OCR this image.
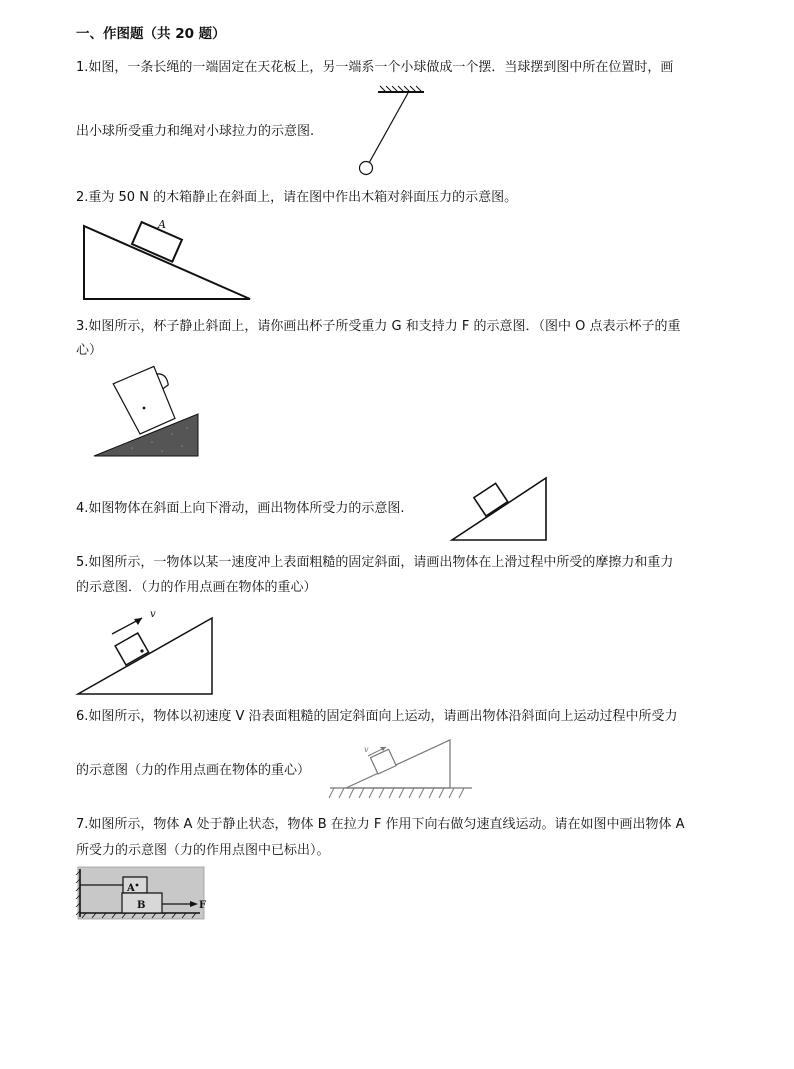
一、作图题（共 20 题）
1.如图，一条长绳的一端固定在天花板上，另一端系一个小球做成一个摆．当球摆到图中所在位置时，画
出小球所受重力和绳对小球拉力的示意图.
2.重为 50 N 的木箱静止在斜面上，请在图中作出木箱对斜面压力的示意图。
A
3.如图所示，杯子静止斜面上，请你画出杯子所受重力 G 和支持力 F 的示意图．（图中 O 点表示杯子的重
心）
4.如图物体在斜面上向下滑动，画出物体所受力的示意图.
5.如图所示，一物体以某一速度冲上表面粗糙的固定斜面，请画出物体在上滑过程中所受的摩擦力和重力
的示意图．（力的作用点画在物体的重心）
v
6.如图所示，物体以初速度 V 沿表面粗糙的固定斜面向上运动，请画出物体沿斜面向上运动过程中所受力
的示意图（力的作用点画在物体的重心）
v
7.如图所示，物体 A 处于静止状态，物体 B 在拉力 F 作用下向右做匀速直线运动。请在如图中画出物体 A
所受力的示意图（力的作用点图中已标出）。
A
B	F
